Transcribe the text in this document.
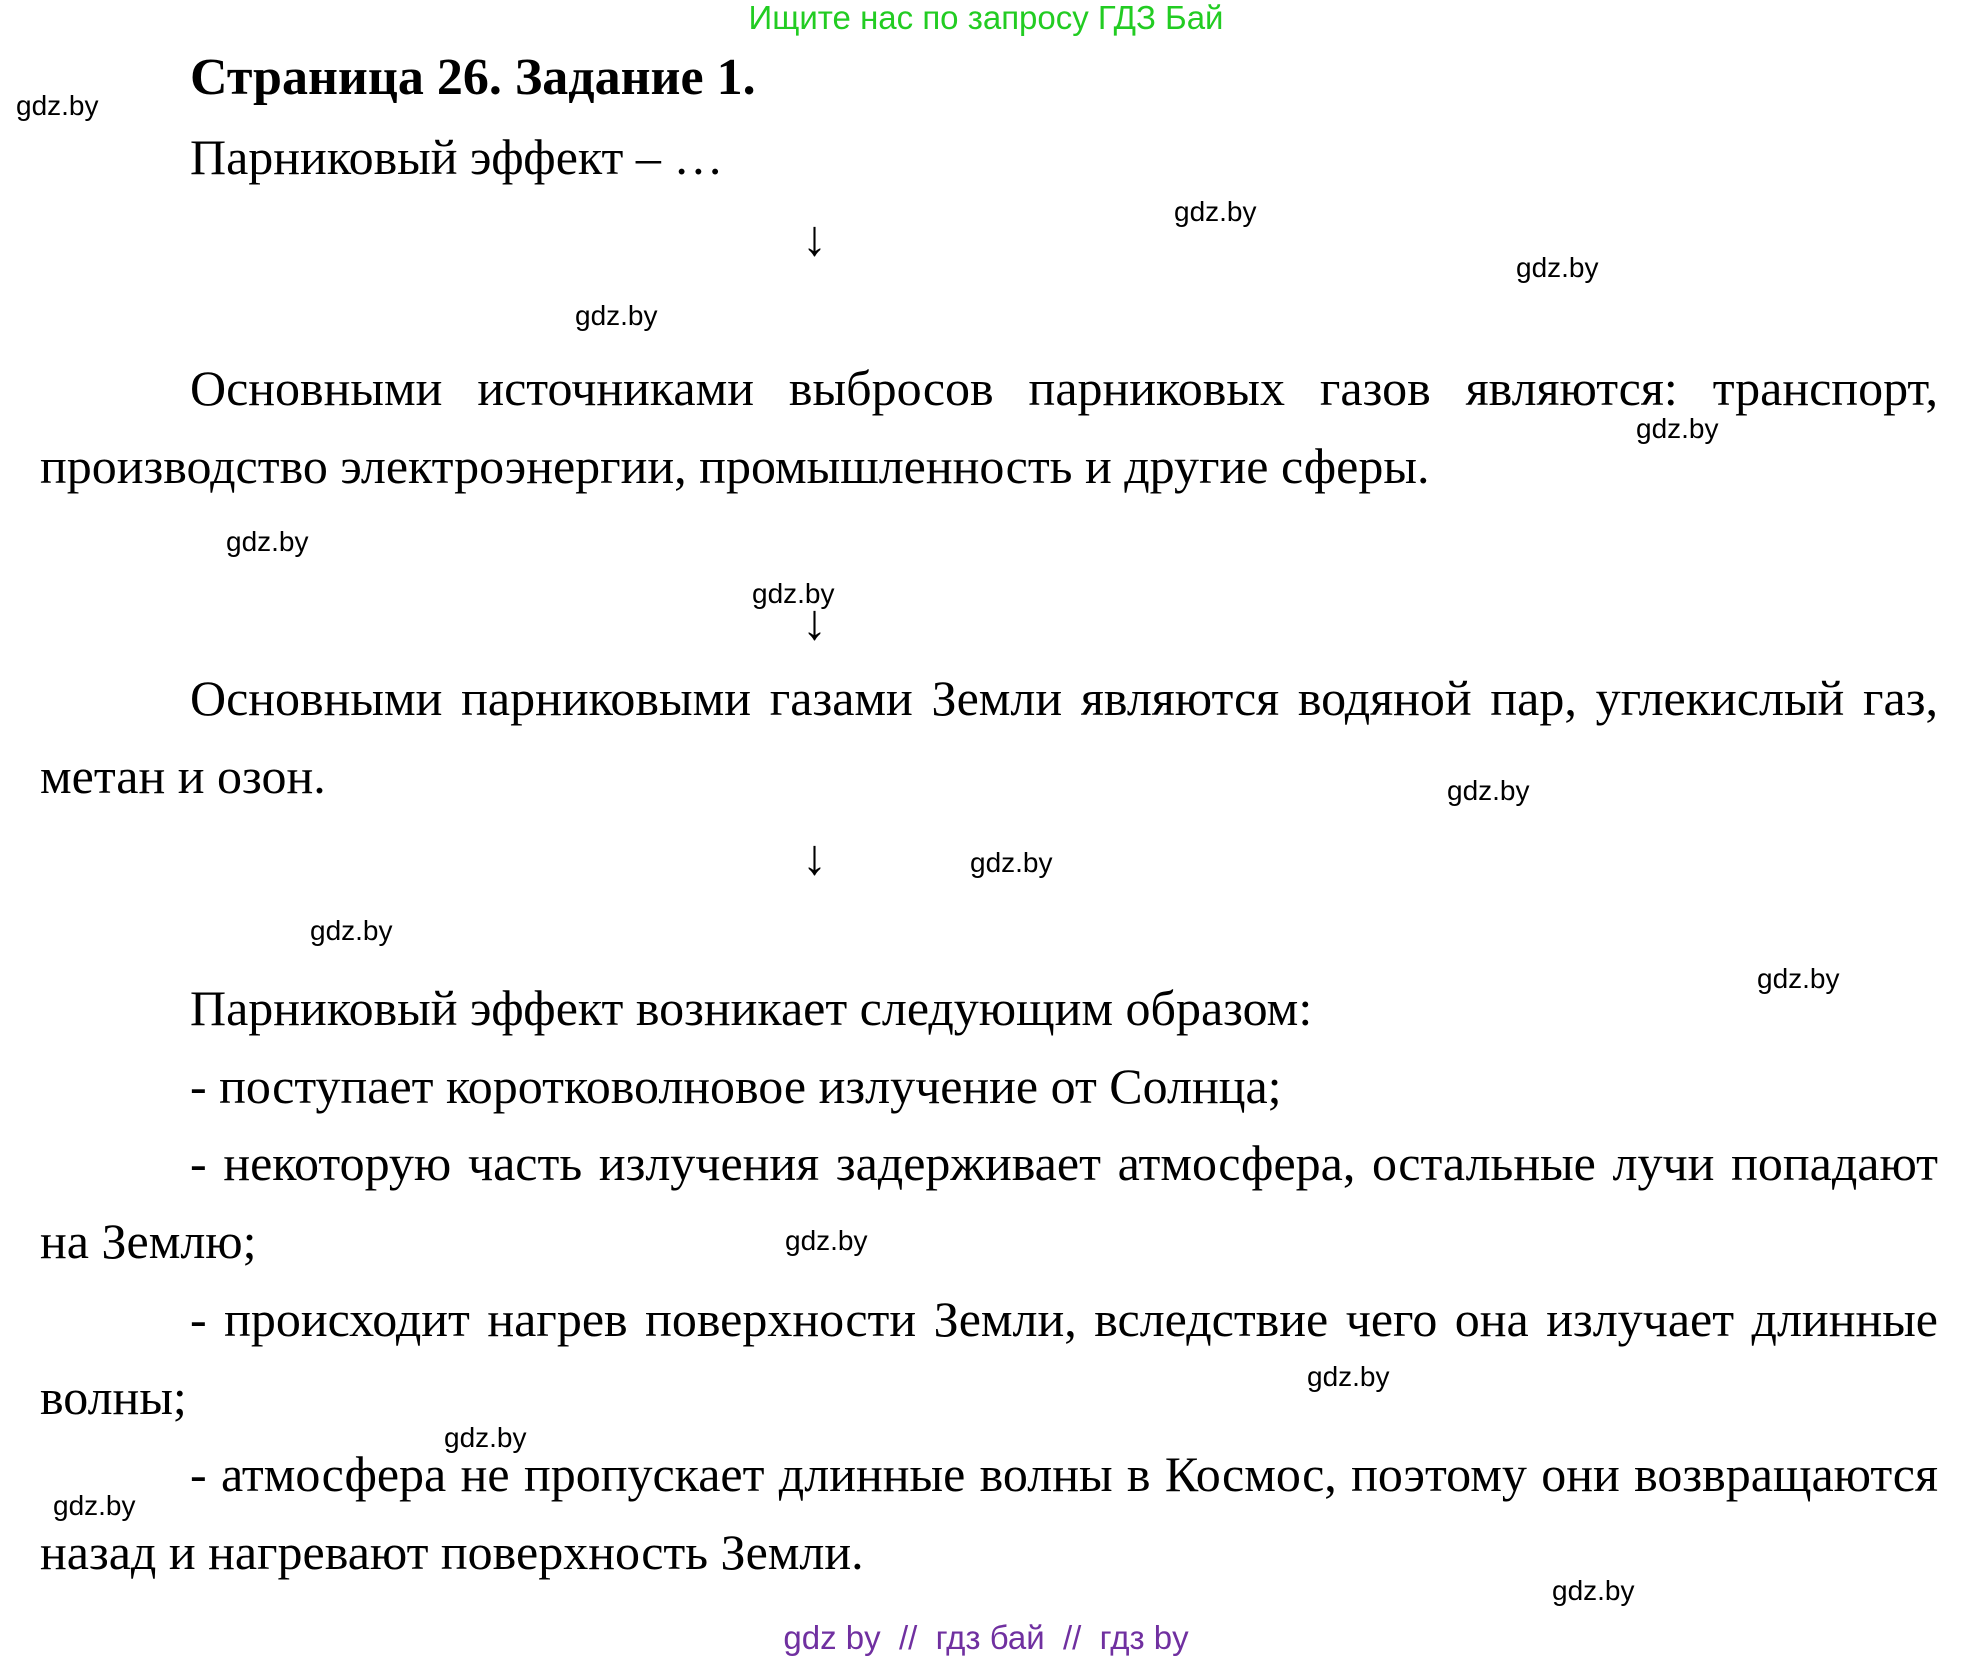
Ищите нас по запросу ГДЗ Бай
Страница 26. Задание 1.
Парниковый эффект – …
↓
Основными источниками выбросов парниковых газов являются: транспорт, производство электроэнергии, промышленность и другие сферы.
↓
Основными парниковыми газами Земли являются водяной пар, углекислый газ, метан и озон.
↓
Парниковый эффект возникает следующим образом:
- поступает коротковолновое излучение от Солнца;
- некоторую часть излучения задерживает атмосфера, остальные лучи попадают на Землю;
- происходит нагрев поверхности Земли, вследствие чего она излучает длинные волны;
- атмосфера не пропускает длинные волны в Космос, поэтому они возвращаются назад и нагревают поверхность Земли.
gdz.by
gdz.by
gdz.by
gdz.by
gdz.by
gdz.by
gdz.by
gdz.by
gdz.by
gdz.by
gdz.by
gdz.by
gdz.by
gdz.by
gdz.by
gdz.by
gdz by  //  гдз бай  //  гдз by
